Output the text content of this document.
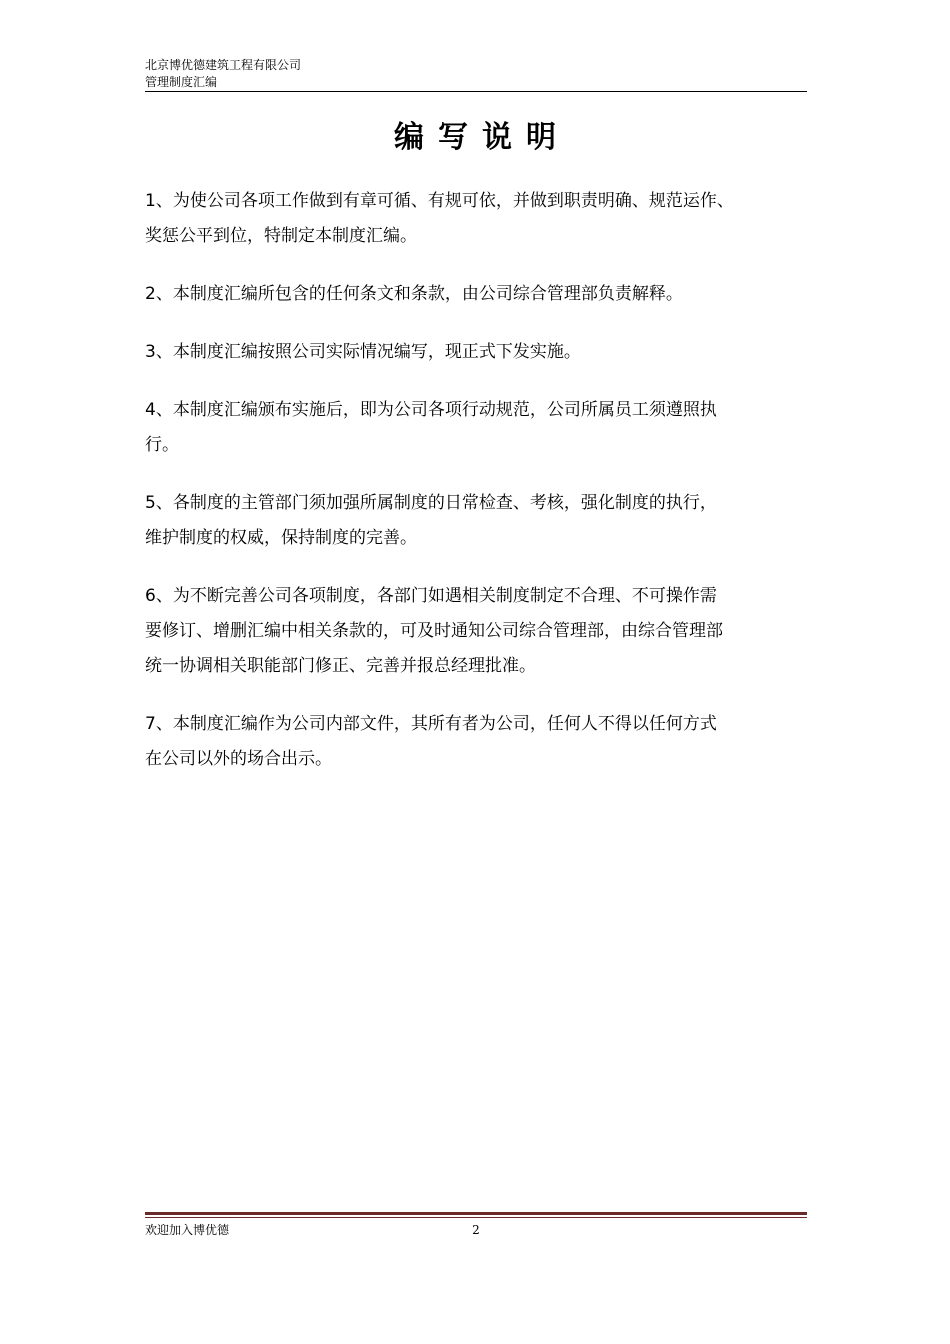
北京博优德建筑工程有限公司
管理制度汇编
编写说明

1、为使公司各项工作做到有章可循、有规可依，并做到职责明确、规范运作、
奖惩公平到位，特制定本制度汇编。

2、本制度汇编所包含的任何条文和条款，由公司综合管理部负责解释。

3、本制度汇编按照公司实际情况编写，现正式下发实施。

4、本制度汇编颁布实施后，即为公司各项行动规范，公司所属员工须遵照执
行。

5、各制度的主管部门须加强所属制度的日常检查、考核，强化制度的执行，
维护制度的权威，保持制度的完善。

6、为不断完善公司各项制度，各部门如遇相关制度制定不合理、不可操作需
要修订、增删汇编中相关条款的，可及时通知公司综合管理部，由综合管理部
统一协调相关职能部门修正、完善并报总经理批准。

7、本制度汇编作为公司内部文件，其所有者为公司，任何人不得以任何方式
在公司以外的场合出示。

欢迎加入博优德	2
